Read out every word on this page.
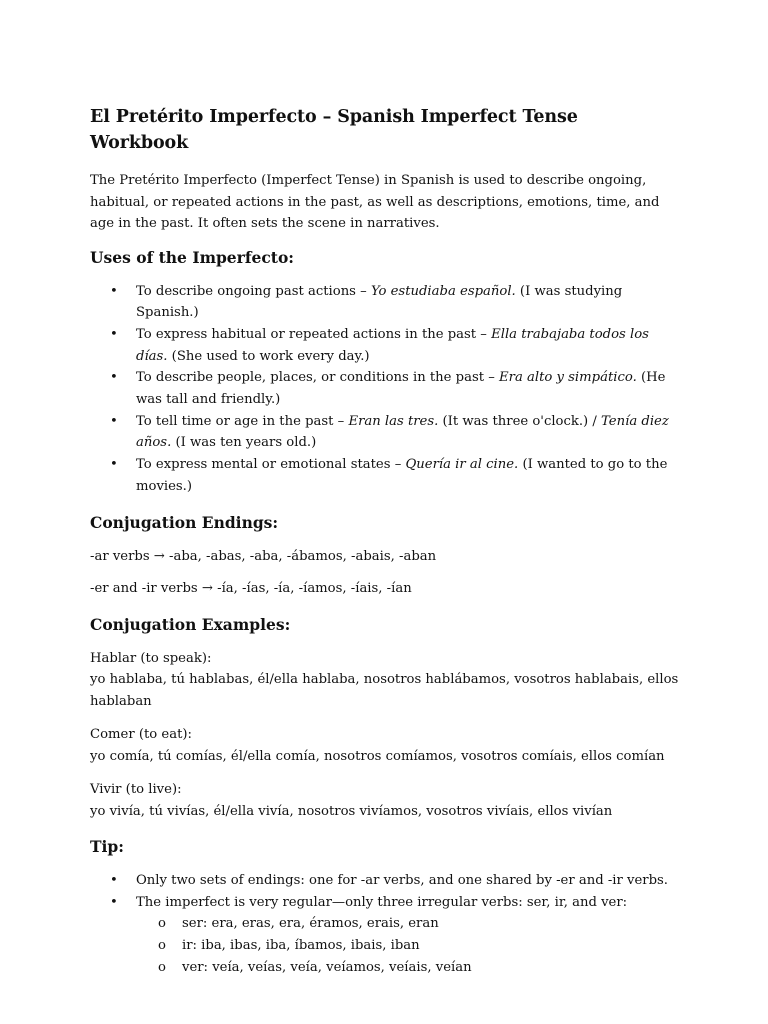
El Pretérito Imperfecto – Spanish Imperfect Tense Workbook

The Pretérito Imperfecto (Imperfect Tense) in Spanish is used to describe ongoing, habitual, or repeated actions in the past, as well as descriptions, emotions, time, and age in the past. It often sets the scene in narratives.

Uses of the Imperfecto:
• To describe ongoing past actions – Yo estudiaba español. (I was studying Spanish.)
• To express habitual or repeated actions in the past – Ella trabajaba todos los días. (She used to work every day.)
• To describe people, places, or conditions in the past – Era alto y simpático. (He was tall and friendly.)
• To tell time or age in the past – Eran las tres. (It was three o'clock.) / Tenía diez años. (I was ten years old.)
• To express mental or emotional states – Quería ir al cine. (I wanted to go to the movies.)
Conjugation Endings:

-ar verbs → -aba, -abas, -aba, -ábamos, -abais, -aban

-er and -ir verbs → -ía, -ías, -ía, -íamos, -íais, -ían

Conjugation Examples:

Hablar (to speak):
yo hablaba, tú hablabas, él/ella hablaba, nosotros hablábamos, vosotros hablabais, ellos hablaban

Comer (to eat):
yo comía, tú comías, él/ella comía, nosotros comíamos, vosotros comíais, ellos comían

Vivir (to live):
yo vivía, tú vivías, él/ella vivía, nosotros vivíamos, vosotros vivíais, ellos vivían

Tip:
• Only two sets of endings: one for -ar verbs, and one shared by -er and -ir verbs.
• The imperfect is very regular—only three irregular verbs: ser, ir, and ver:
o ser: era, eras, era, éramos, erais, eran
o ir: iba, ibas, iba, íbamos, ibais, iban
o ver: veía, veías, veía, veíamos, veíais, veían
